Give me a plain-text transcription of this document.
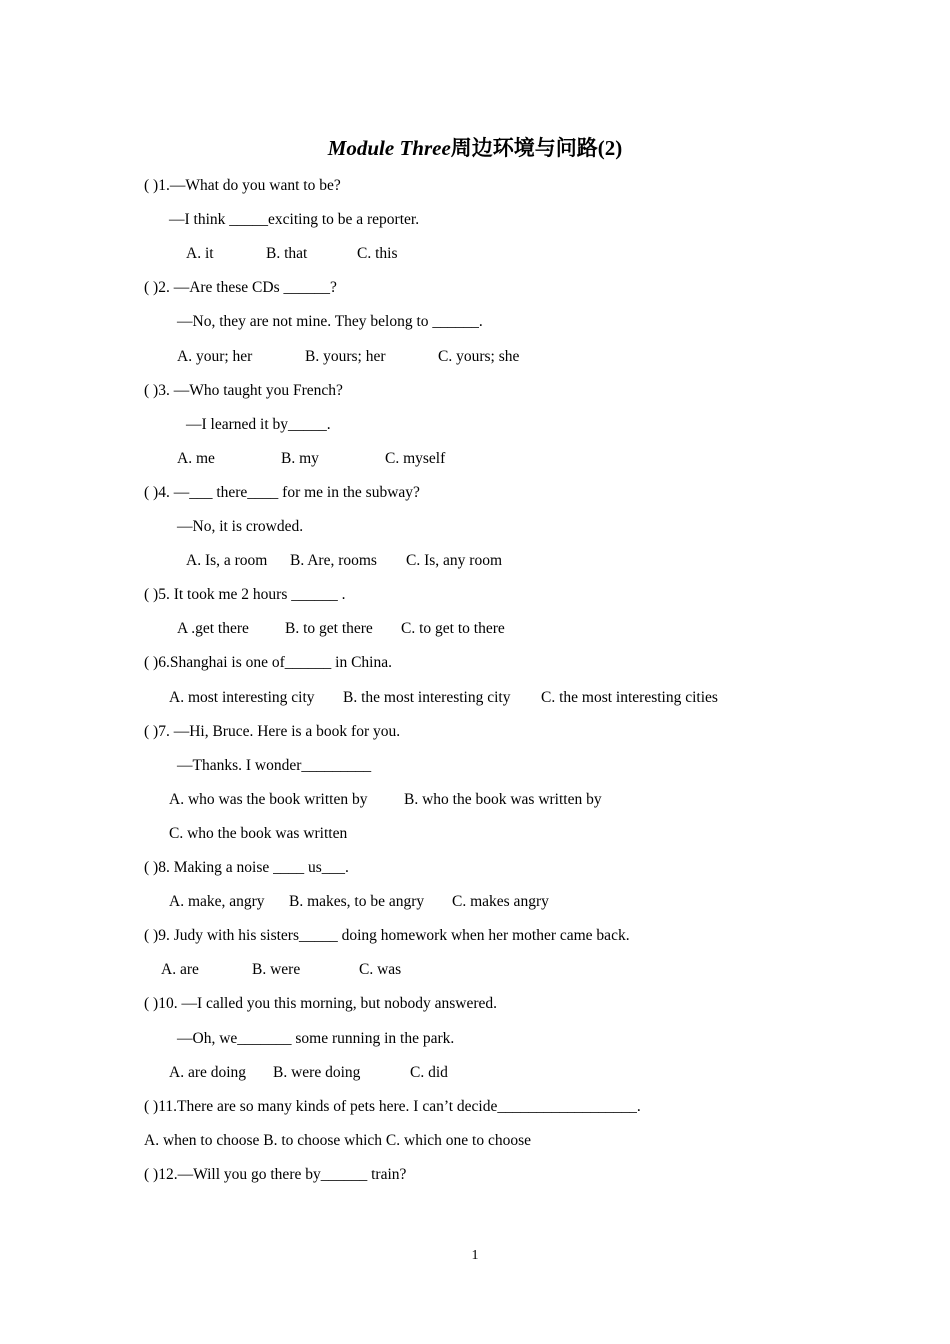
Module Three周边环境与问路(2)
( )1.—What do you want to be?
—I think _____exciting to be a reporter.
A. it	B. that	C. this
( )2. —Are these CDs ______?
—No, they are not mine. They belong to ______.
A. your; her	B. yours; her	C. yours; she
( )3. —Who taught you French?
—I learned it by_____.
A. me	B. my	C. myself
( )4. —___ there____ for me in the subway?
—No, it is crowded.
A. Is, a room B. Are, rooms C. Is, any room
( )5. It took me 2 hours ______ .
A .get there B. to get there C. to get to there
( )6.Shanghai is one of______ in China.
A. most interesting city B. the most interesting city C. the most interesting cities
( )7. —Hi, Bruce. Here is a book for you.
—Thanks. I wonder_________
A. who was the book written by B. who the book was written by
C. who the book was written
( )8. Making a noise ____ us___.
A. make, angry B. makes, to be angry C. makes angry
( )9. Judy with his sisters_____ doing homework when her mother came back.
A. are	B. were	C. was
( )10. —I called you this morning, but nobody answered.
—Oh, we_______ some running in the park.
A. are doing B. were doing	C. did
( )11.There are so many kinds of pets here. I can’t decide__________________.
A. when to choose B. to choose which C. which one to choose
( )12.—Will you go there by______ train?
1
